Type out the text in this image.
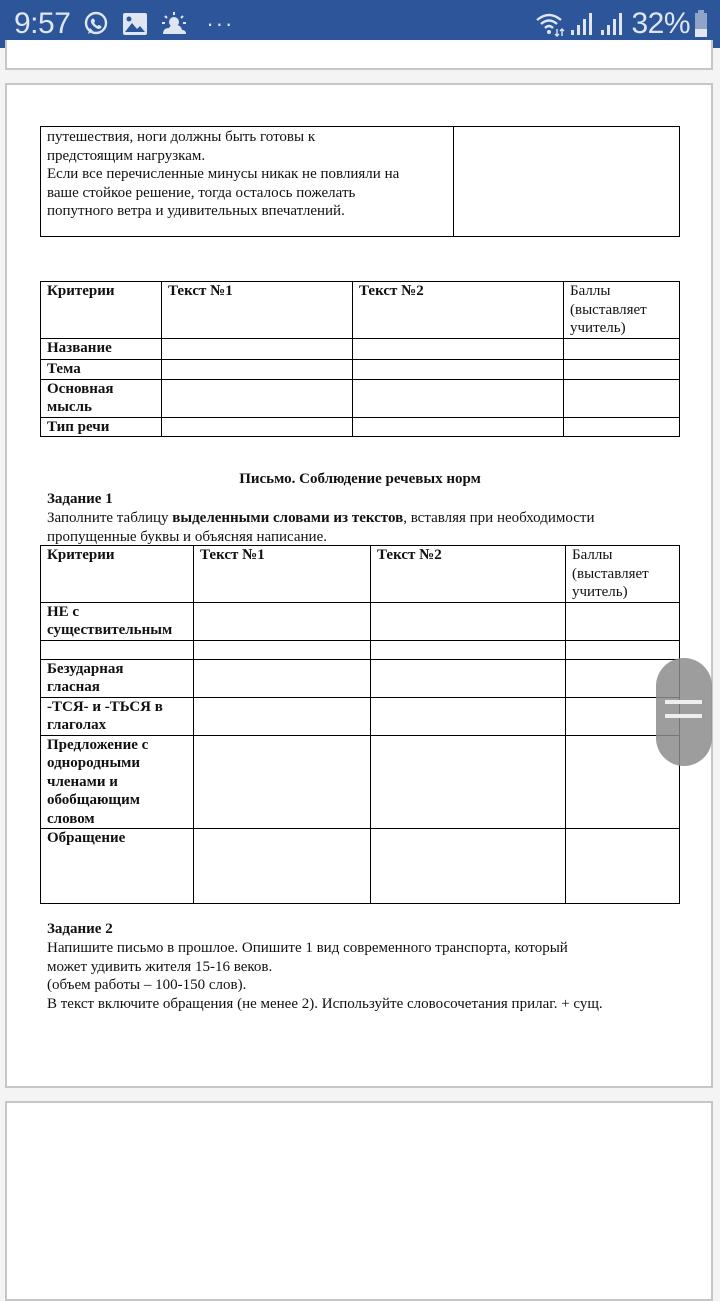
9:57	···	32%
путешествия, ноги должны быть готовы к
предстоящим нагрузкам.
Если все перечисленные минусы никак не повлияли на
ваше стойкое решение, тогда осталось пожелать
попутного ветра и удивительных впечатлений.

Критерии	Текст №1	Текст №2	Баллы
(выставляет
учитель)

Название			
Тема			

Основная
мысль			

Тип речи			
Письмо. Соблюдение речевых норм
Задание 1
Заполните таблицу выделенными словами из текстов, вставляя при необходимости
пропущенные буквы и объясняя написание.
Критерии	Текст №1	Текст №2	Баллы
(выставляет
учитель)

НЕ с
существительным			

Безударная
гласная			

-ТСЯ- и -ТЬСЯ в
глаголах			

Предложение с
однородными
членами и
обобщающим
словом			

Обращение			
Задание 2
Напишите письмо в прошлое. Опишите 1 вид современного транспорта, который
может удивить жителя 15-16 веков.
(объем работы – 100-150 слов).
В текст включите обращения (не менее 2). Используйте словосочетания прилаг. + сущ.
